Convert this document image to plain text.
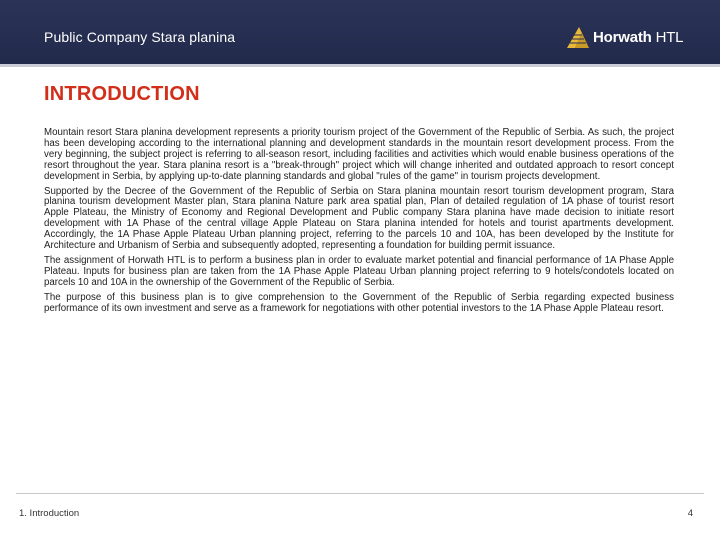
Public Company Stara planina	Horwath HTL
INTRODUCTION

Mountain resort Stara planina development represents a priority tourism project of the Government of the Republic of Serbia. As such, the project has been developing according to the international planning and development standards in the mountain resort development process. From the very beginning, the subject project is referring to all-season resort, including facilities and activities which would enable business operations of the resort throughout the year. Stara planina resort is a "break-through" project which will change inherited and outdated approach to resort concept development in Serbia, by applying up-to-date planning standards and global "rules of the game" in tourism projects development.

Supported by the Decree of the Government of the Republic of Serbia on Stara planina mountain resort tourism development program, Stara planina tourism development Master plan, Stara planina Nature park area spatial plan, Plan of detailed regulation of 1A phase of tourist resort Apple Plateau, the Ministry of Economy and Regional Development and Public company Stara planina have made decision to initiate resort development with 1A Phase of the central village Apple Plateau on Stara planina intended for hotels and tourist apartments development. Accordingly, the 1A Phase Apple Plateau Urban planning project, referring to the parcels 10 and 10A, has been developed by the Institute for Architecture and Urbanism of Serbia and subsequently adopted, representing a foundation for building permit issuance.

The assignment of Horwath HTL is to perform a business plan in order to evaluate market potential and financial performance of 1A Phase Apple Plateau. Inputs for business plan are taken from the 1A Phase Apple Plateau Urban planning project referring to 9 hotels/condotels located on parcels 10 and 10A in the ownership of the Government of the Republic of Serbia.

The purpose of this business plan is to give comprehension to the Government of the Republic of Serbia regarding expected business performance of its own investment and serve as a framework for negotiations with other potential investors to the 1A Phase Apple Plateau resort.

1. Introduction	4
